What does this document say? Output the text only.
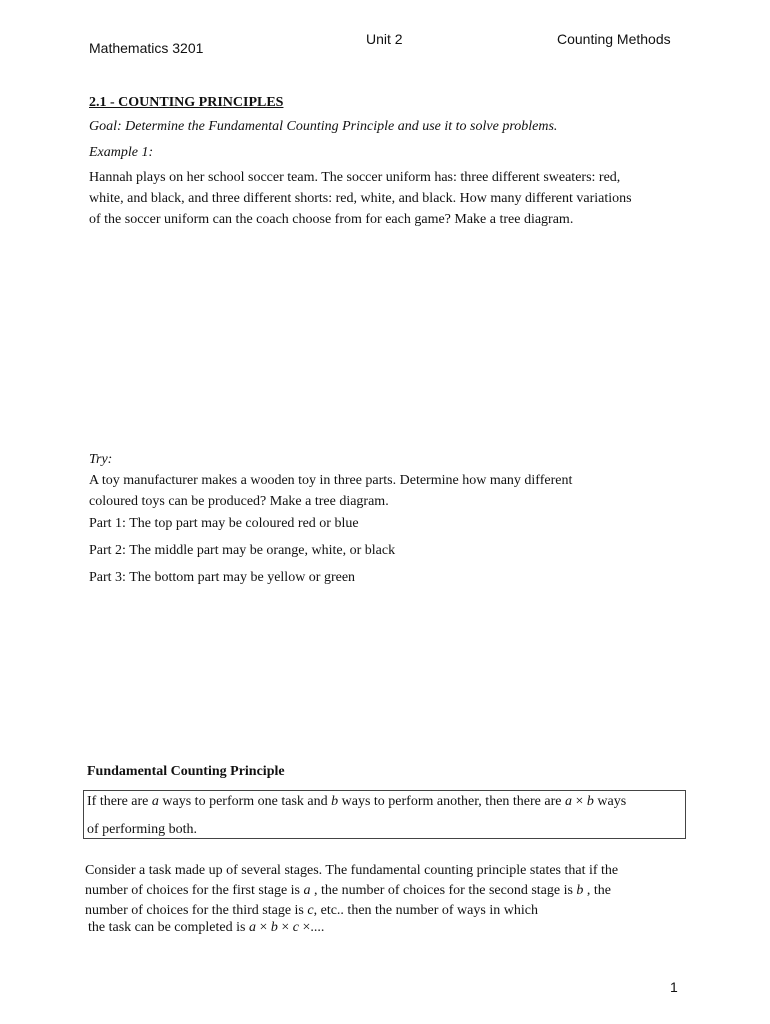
Mathematics 3201
Unit 2	Counting Methods
2.1 - COUNTING PRINCIPLES
Goal: Determine the Fundamental Counting Principle and use it to solve problems.
Example 1:
Hannah plays on her school soccer team. The soccer uniform has: three different sweaters: red,
white, and black, and three different shorts: red, white, and black. How many different variations
of the soccer uniform can the coach choose from for each game? Make a tree diagram.
Try:
A toy manufacturer makes a wooden toy in three parts. Determine how many different
coloured toys can be produced? Make a tree diagram.
Part 1: The top part may be coloured red or blue
Part 2: The middle part may be orange, white, or black
Part 3: The bottom part may be yellow or green
Fundamental Counting Principle
If there are a ways to perform one task and b ways to perform another, then there are a × b ways
of performing both.
Consider a task made up of several stages. The fundamental counting principle states that if the
number of choices for the first stage is a , the number of choices for the second stage is b , the
number of choices for the third stage is c, etc.. then the number of ways in which
the task can be completed is a × b × c ×....
1
